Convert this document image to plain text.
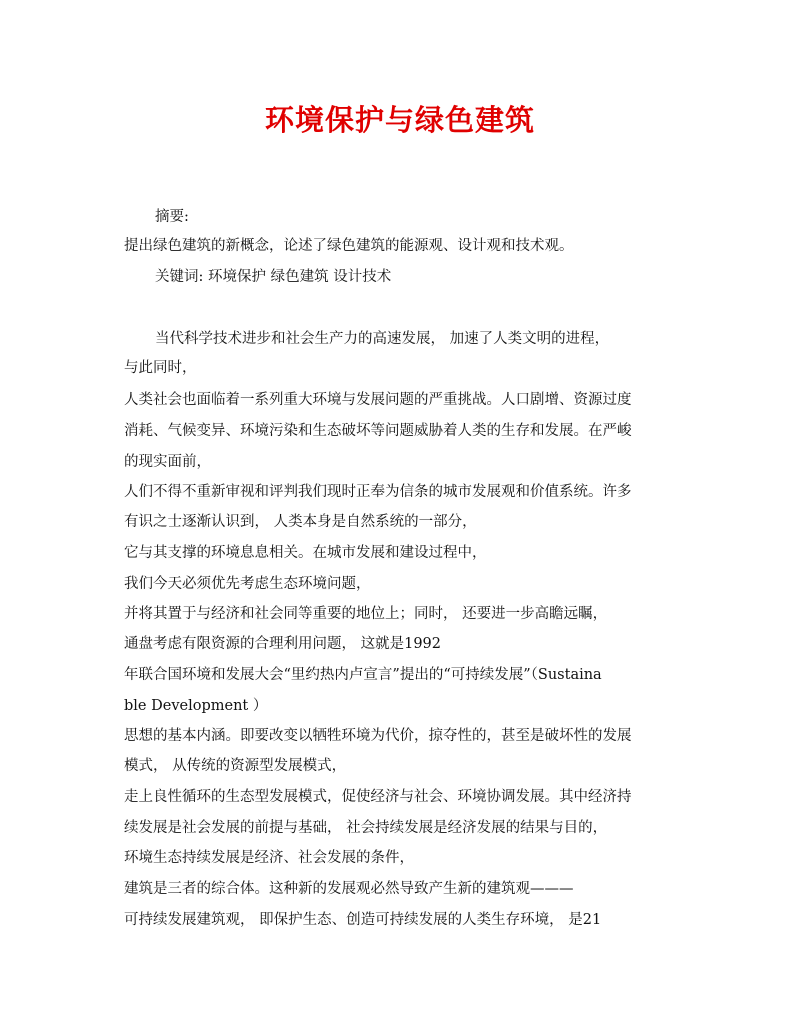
环境保护与绿色建筑
摘要:
提出绿色建筑的新概念，论述了绿色建筑的能源观、设计观和技术观。
关键词: 环境保护 绿色建筑 设计技术
当代科学技术进步和社会生产力的高速发展， 加速了人类文明的进程，
与此同时，
人类社会也面临着一系列重大环境与发展问题的严重挑战。人口剧增、资源过度
消耗、气候变异、环境污染和生态破坏等问题威胁着人类的生存和发展。在严峻
的现实面前，
人们不得不重新审视和评判我们现时正奉为信条的城市发展观和价值系统。许多
有识之士逐渐认识到， 人类本身是自然系统的一部分，
它与其支撑的环境息息相关。在城市发展和建设过程中，
我们今天必须优先考虑生态环境问题，
并将其置于与经济和社会同等重要的地位上；同时， 还要进一步高瞻远瞩，
通盘考虑有限资源的合理利用问题， 这就是1992
年联合国环境和发展大会“里约热内卢宣言”提出的“可持续发展”（Sustaina
ble Development ）
思想的基本内涵。即要改变以牺牲环境为代价，掠夺性的，甚至是破坏性的发展
模式， 从传统的资源型发展模式，
走上良性循环的生态型发展模式，促使经济与社会、环境协调发展。其中经济持
续发展是社会发展的前提与基础， 社会持续发展是经济发展的结果与目的，
环境生态持续发展是经济、社会发展的条件，
建筑是三者的综合体。这种新的发展观必然导致产生新的建筑观———
可持续发展建筑观， 即保护生态、创造可持续发展的人类生存环境， 是21
